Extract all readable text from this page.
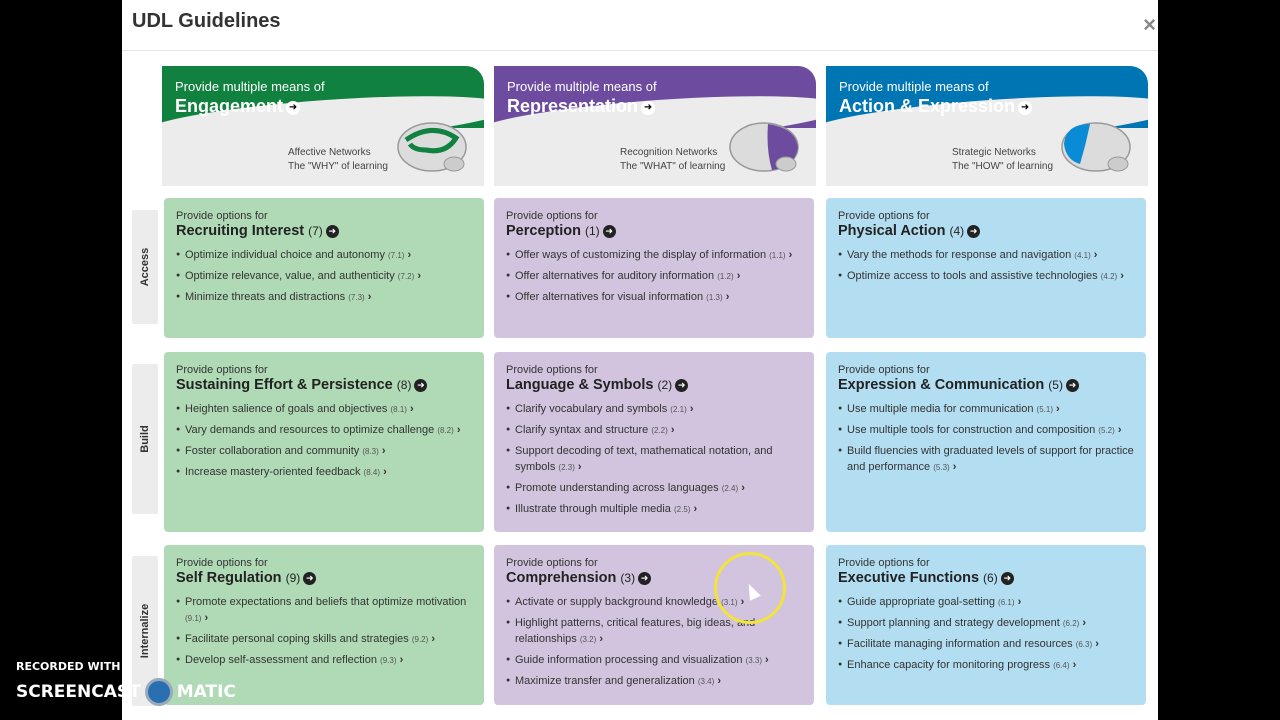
UDL Guidelines	×
Provide multiple means of
Engagement ➜
Affective Networks
The "WHY" of learning
Provide multiple means of
Representation ➜
Recognition Networks
The "WHAT" of learning
Provide multiple means of
Action & Expression ➜
Strategic Networks
The "HOW" of learning
Access
Build
Internalize
Provide options for
Recruiting Interest (7) ➜
● Optimize individual choice and autonomy (7.1) ›
● Optimize relevance, value, and authenticity (7.2) ›
● Minimize threats and distractions (7.3) ›
Provide options for
Perception (1) ➜
● Offer ways of customizing the display of information (1.1) ›
● Offer alternatives for auditory information (1.2) ›
● Offer alternatives for visual information (1.3) ›
Provide options for
Physical Action (4) ➜
● Vary the methods for response and navigation (4.1) ›
● Optimize access to tools and assistive technologies (4.2) ›
Provide options for
Sustaining Effort & Persistence (8) ➜
● Heighten salience of goals and objectives (8.1) ›
● Vary demands and resources to optimize challenge (8.2) ›
● Foster collaboration and community (8.3) ›
● Increase mastery-oriented feedback (8.4) ›
Provide options for
Language & Symbols (2) ➜
● Clarify vocabulary and symbols (2.1) ›
● Clarify syntax and structure (2.2) ›
● Support decoding of text, mathematical notation, and symbols (2.3) ›
● Promote understanding across languages (2.4) ›
● Illustrate through multiple media (2.5) ›
Provide options for
Expression & Communication (5) ➜
● Use multiple media for communication (5.1) ›
● Use multiple tools for construction and composition (5.2) ›
● Build fluencies with graduated levels of support for practice and performance (5.3) ›
Provide options for
Self Regulation (9) ➜
● Promote expectations and beliefs that optimize motivation (9.1) ›
● Facilitate personal coping skills and strategies (9.2) ›
● Develop self-assessment and reflection (9.3) ›
Provide options for
Comprehension (3) ➜
● Activate or supply background knowledge (3.1) ›
● Highlight patterns, critical features, big ideas, and relationships (3.2) ›
● Guide information processing and visualization (3.3) ›
● Maximize transfer and generalization (3.4) ›
Provide options for
Executive Functions (6) ➜
● Guide appropriate goal-setting (6.1) ›
● Support planning and strategy development (6.2) ›
● Facilitate managing information and resources (6.3) ›
● Enhance capacity for monitoring progress (6.4) ›
RECORDED WITH
SCREENCAST MATIC
